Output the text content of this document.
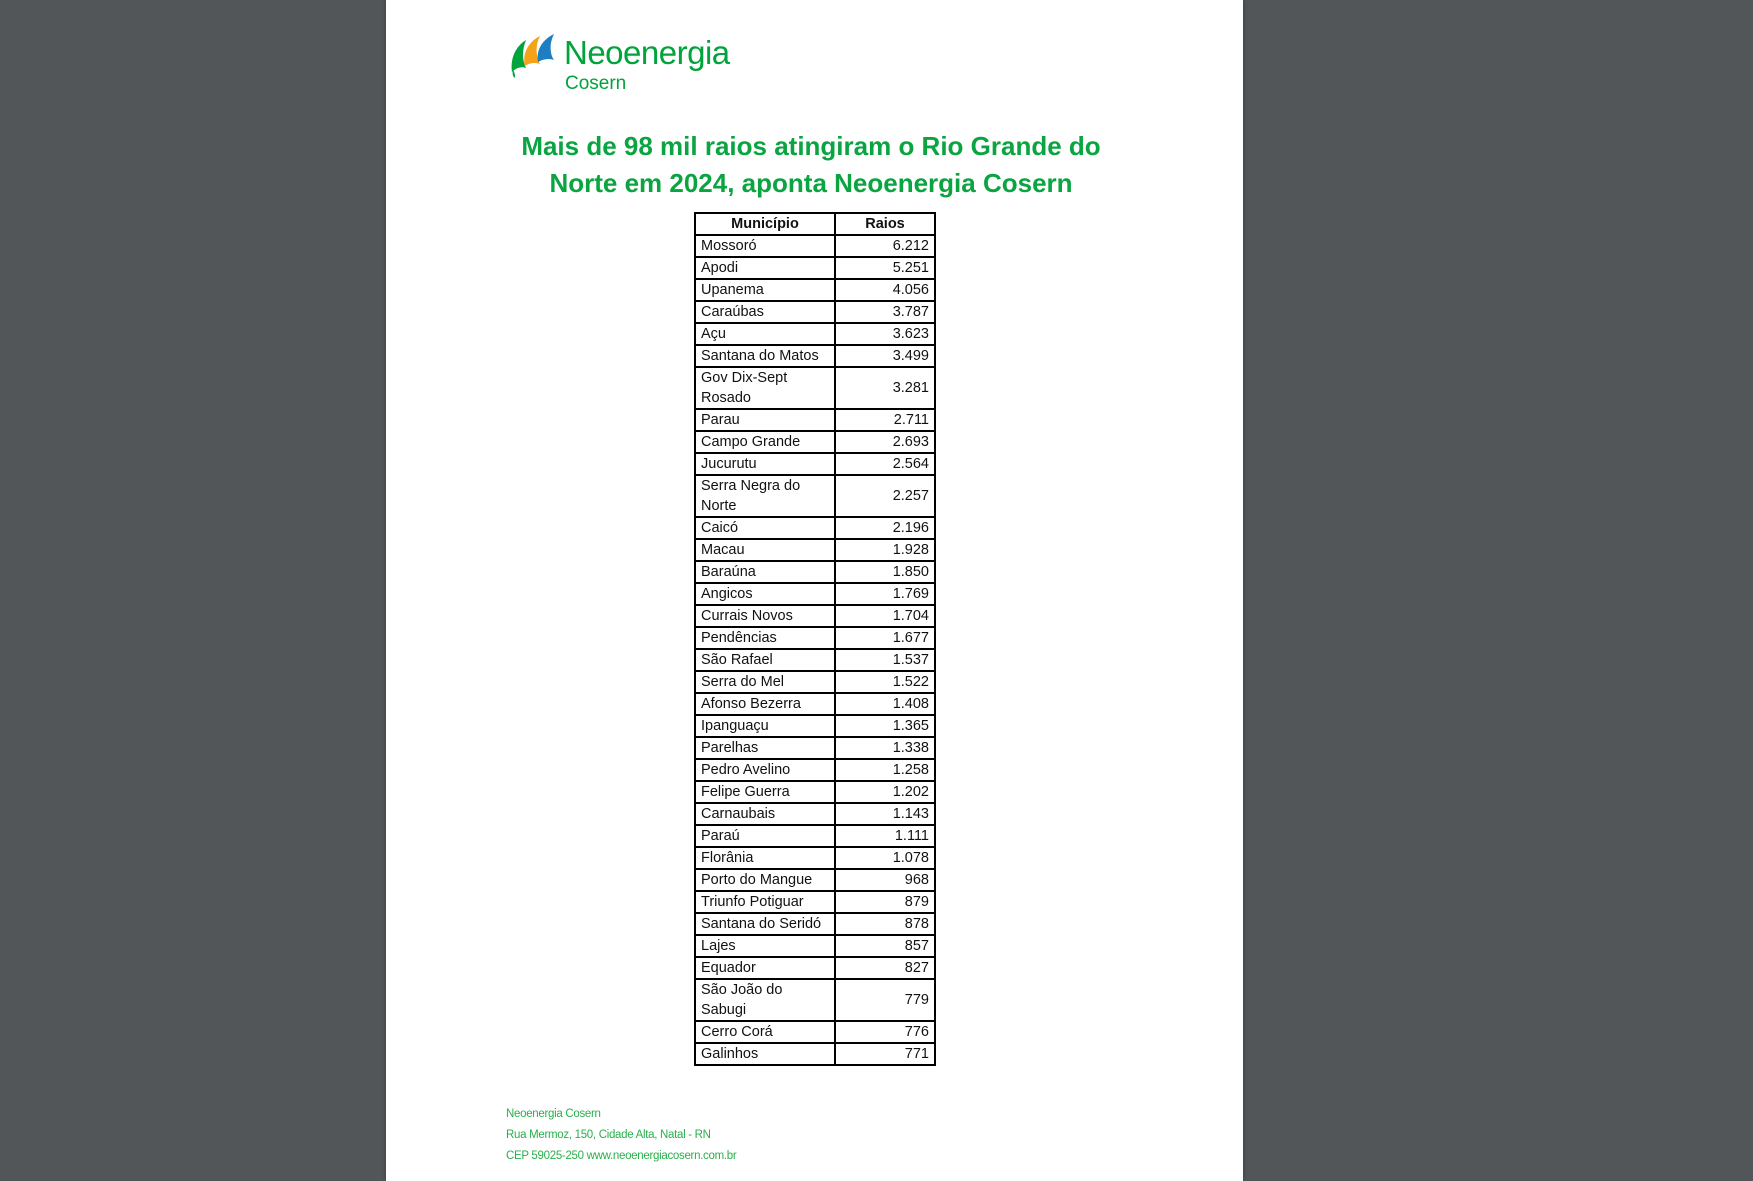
Neoenergia
Cosern
Mais de 98 mil raios atingiram o Rio Grande do
Norte em 2024, aponta Neoenergia Cosern
Município	Raios
Mossoró	6.212
Apodi	5.251
Upanema	4.056
Caraúbas	3.787
Açu	3.623
Santana do Matos	3.499
Gov Dix-Sept Rosado	3.281
Parau	2.711
Campo Grande	2.693
Jucurutu	2.564
Serra Negra do Norte	2.257
Caicó	2.196
Macau	1.928
Baraúna	1.850
Angicos	1.769
Currais Novos	1.704
Pendências	1.677
São Rafael	1.537
Serra do Mel	1.522
Afonso Bezerra	1.408
Ipanguaçu	1.365
Parelhas	1.338
Pedro Avelino	1.258
Felipe Guerra	1.202
Carnaubais	1.143
Paraú	1.111
Florânia	1.078
Porto do Mangue	968
Triunfo Potiguar	879
Santana do Seridó	878
Lajes	857
Equador	827
São João do Sabugi	779
Cerro Corá	776
Galinhos	771
Neoenergia Cosern
Rua Mermoz, 150, Cidade Alta, Natal - RN
CEP 59025-250 www.neoenergiacosern.com.br
